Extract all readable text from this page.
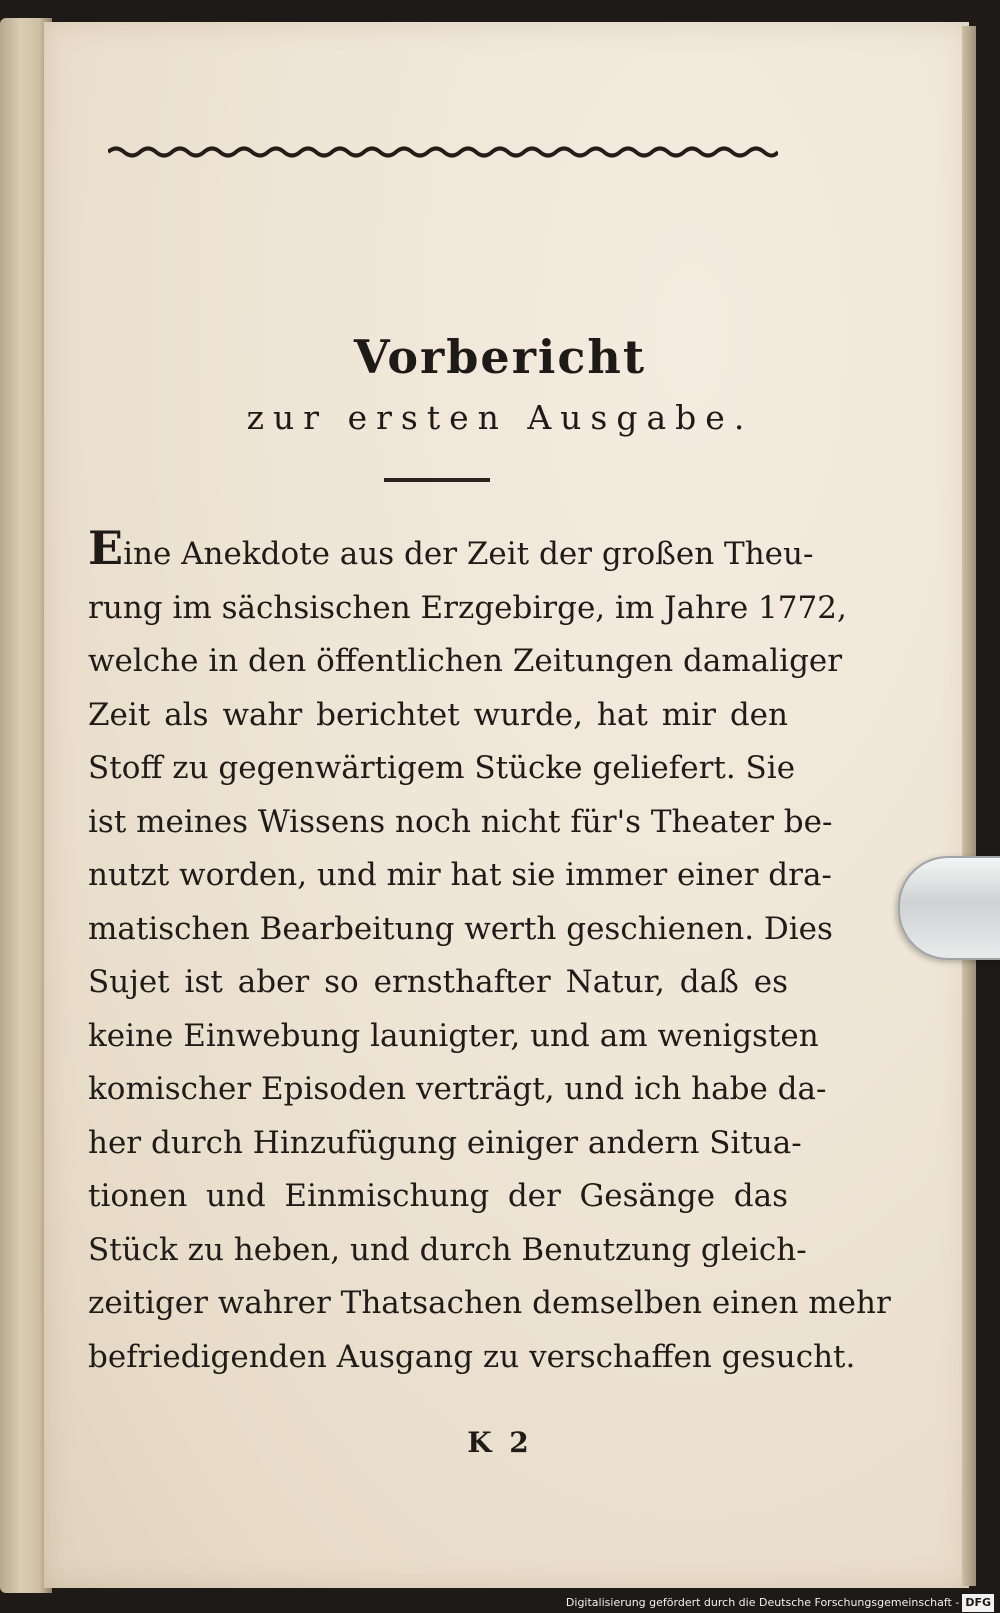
Vorbericht
zur ersten Ausgabe.
Eine Anekdote aus der Zeit der großen Theu-
rung im sächsischen Erzgebirge, im Jahre 1772,
welche in den öffentlichen Zeitungen damaliger
Zeit als wahr berichtet wurde, hat mir den
Stoff zu gegenwärtigem Stücke geliefert. Sie
ist meines Wissens noch nicht für's Theater be-
nutzt worden, und mir hat sie immer einer dra-
matischen Bearbeitung werth geschienen. Dies
Sujet ist aber so ernsthafter Natur, daß es
keine Einwebung launigter, und am wenigsten
komischer Episoden verträgt, und ich habe da-
her durch Hinzufügung einiger andern Situa-
tionen und Einmischung der Gesänge das
Stück zu heben, und durch Benutzung gleich-
zeitiger wahrer Thatsachen demselben einen mehr
befriedigenden Ausgang zu verschaffen gesucht.
K 2
Digitalisierung gefördert durch die Deutsche Forschungsgemeinschaft - DFG
